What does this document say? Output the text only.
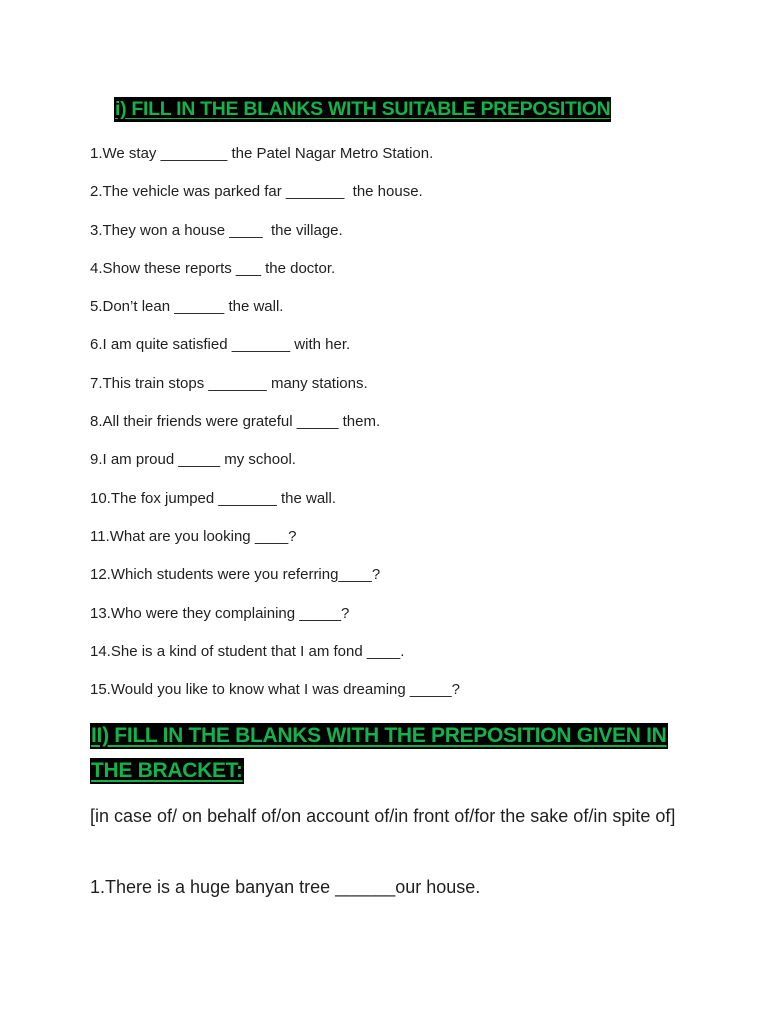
i) FILL IN THE BLANKS WITH SUITABLE PREPOSITION
1.We stay ________ the Patel Nagar Metro Station.
2.The vehicle was parked far _______  the house.
3.They won a house ____  the village.
4.Show these reports ___ the doctor.
5.Don’t lean ______ the wall.
6.I am quite satisfied _______ with her.
7.This train stops _______ many stations.
8.All their friends were grateful _____ them.
9.I am proud _____ my school.
10.The fox jumped _______ the wall.
11.What are you looking ____?
12.Which students were you referring____?
13.Who were they complaining _____?
14.She is a kind of student that I am fond ____.
15.Would you like to know what I was dreaming _____?
II) FILL IN THE BLANKS WITH THE PREPOSITION GIVEN IN
THE BRACKET:

[in case of/ on behalf of/on account of/in front of/for the sake of/in spite of]

1.There is a huge banyan tree ______our house.
